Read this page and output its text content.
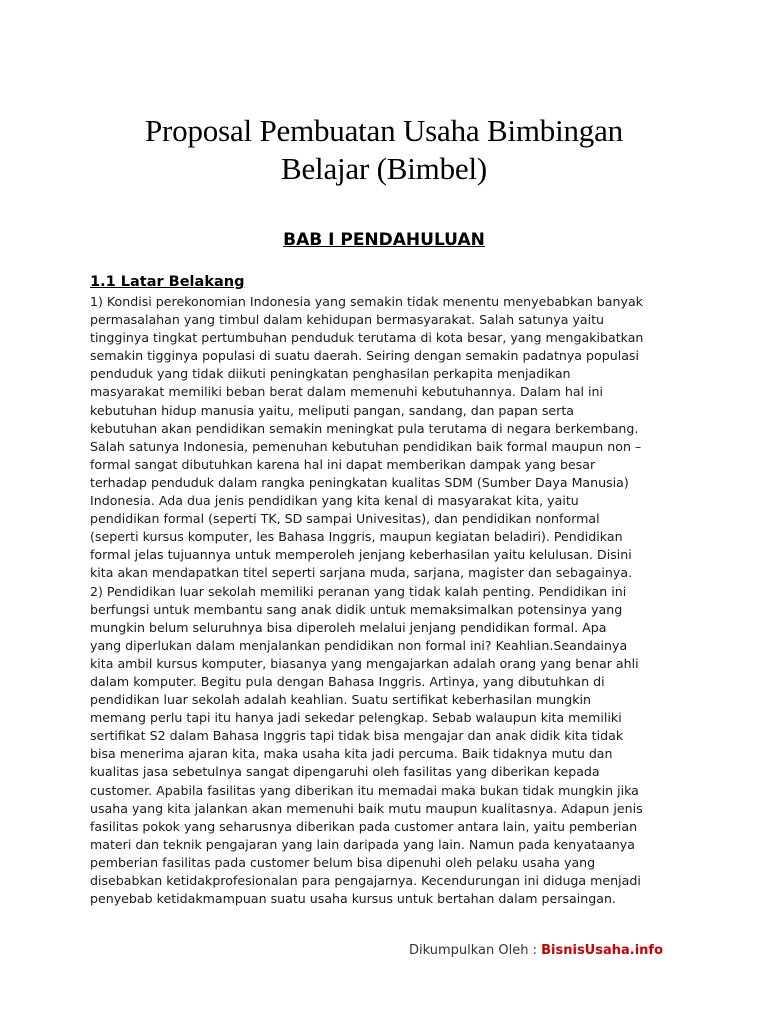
Proposal Pembuatan Usaha Bimbingan
Belajar (Bimbel)
BAB I PENDAHULUAN
1.1 Latar Belakang
1) Kondisi perekonomian Indonesia yang semakin tidak menentu menyebabkan banyak
permasalahan yang timbul dalam kehidupan bermasyarakat. Salah satunya yaitu
tingginya tingkat pertumbuhan penduduk terutama di kota besar, yang mengakibatkan
semakin tigginya populasi di suatu daerah. Seiring dengan semakin padatnya populasi
penduduk yang tidak diikuti peningkatan penghasilan perkapita menjadikan
masyarakat memiliki beban berat dalam memenuhi kebutuhannya. Dalam hal ini
kebutuhan hidup manusia yaitu, meliputi pangan, sandang, dan papan serta
kebutuhan akan pendidikan semakin meningkat pula terutama di negara berkembang.
Salah satunya Indonesia, pemenuhan kebutuhan pendidikan baik formal maupun non –
formal sangat dibutuhkan karena hal ini dapat memberikan dampak yang besar
terhadap penduduk dalam rangka peningkatan kualitas SDM (Sumber Daya Manusia)
Indonesia. Ada dua jenis pendidikan yang kita kenal di masyarakat kita, yaitu
pendidikan formal (seperti TK, SD sampai Univesitas), dan pendidikan nonformal
(seperti kursus komputer, les Bahasa Inggris, maupun kegiatan beladiri). Pendidikan
formal jelas tujuannya untuk memperoleh jenjang keberhasilan yaitu kelulusan. Disini
kita akan mendapatkan titel seperti sarjana muda, sarjana, magister dan sebagainya.
2) Pendidikan luar sekolah memiliki peranan yang tidak kalah penting. Pendidikan ini
berfungsi untuk membantu sang anak didik untuk memaksimalkan potensinya yang
mungkin belum seluruhnya bisa diperoleh melalui jenjang pendidikan formal. Apa
yang diperlukan dalam menjalankan pendidikan non formal ini? Keahlian.Seandainya
kita ambil kursus komputer, biasanya yang mengajarkan adalah orang yang benar ahli
dalam komputer. Begitu pula dengan Bahasa Inggris. Artinya, yang dibutuhkan di
pendidikan luar sekolah adalah keahlian. Suatu sertifikat keberhasilan mungkin
memang perlu tapi itu hanya jadi sekedar pelengkap. Sebab walaupun kita memiliki
sertifikat S2 dalam Bahasa Inggris tapi tidak bisa mengajar dan anak didik kita tidak
bisa menerima ajaran kita, maka usaha kita jadi percuma. Baik tidaknya mutu dan
kualitas jasa sebetulnya sangat dipengaruhi oleh fasilitas yang diberikan kepada
customer. Apabila fasilitas yang diberikan itu memadai maka bukan tidak mungkin jika
usaha yang kita jalankan akan memenuhi baik mutu maupun kualitasnya. Adapun jenis
fasilitas pokok yang seharusnya diberikan pada customer antara lain, yaitu pemberian
materi dan teknik pengajaran yang lain daripada yang lain. Namun pada kenyataanya
pemberian fasilitas pada customer belum bisa dipenuhi oleh pelaku usaha yang
disebabkan ketidakprofesionalan para pengajarnya. Kecendurungan ini diduga menjadi
penyebab ketidakmampuan suatu usaha kursus untuk bertahan dalam persaingan.
Dikumpulkan Oleh : BisnisUsaha.info
